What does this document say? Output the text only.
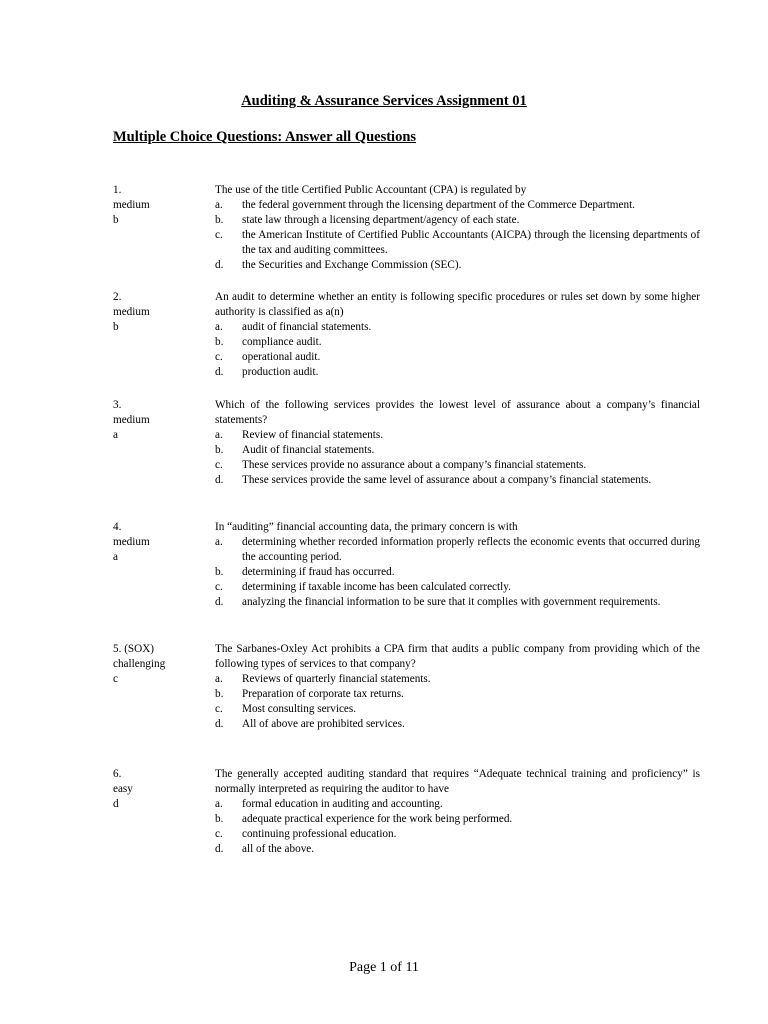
Auditing & Assurance Services Assignment 01
Multiple Choice Questions: Answer all Questions
1.
medium
b
The use of the title Certified Public Accountant (CPA) is regulated by
a.	the federal government through the licensing department of the Commerce Department.
b.	state law through a licensing department/agency of each state.
c.	the American Institute of Certified Public Accountants (AICPA) through the licensing departments of the tax and auditing committees.
d.	the Securities and Exchange Commission (SEC).
2.
medium
b
An audit to determine whether an entity is following specific procedures or rules set down by some higher authority is classified as a(n)
a.	audit of financial statements.
b.	compliance audit.
c.	operational audit.
d.	production audit.
3.
medium
a
Which of the following services provides the lowest level of assurance about a company’s financial statements?
a.	Review of financial statements.
b.	Audit of financial statements.
c.	These services provide no assurance about a company’s financial statements.
d.	These services provide the same level of assurance about a company’s financial statements.
4.
medium
a
In “auditing” financial accounting data, the primary concern is with
a.	determining whether recorded information properly reflects the economic events that occurred during the accounting period.
b.	determining if fraud has occurred.
c.	determining if taxable income has been calculated correctly.
d.	analyzing the financial information to be sure that it complies with government requirements.
5. (SOX)
challenging
c
The Sarbanes-Oxley Act prohibits a CPA firm that audits a public company from providing which of the following types of services to that company?
a.	Reviews of quarterly financial statements.
b.	Preparation of corporate tax returns.
c.	Most consulting services.
d.	All of above are prohibited services.
6.
easy
d
The generally accepted auditing standard that requires “Adequate technical training and proficiency” is normally interpreted as requiring the auditor to have
a.	formal education in auditing and accounting.
b.	adequate practical experience for the work being performed.
c.	continuing professional education.
d.	all of the above.
Page 1 of 11
